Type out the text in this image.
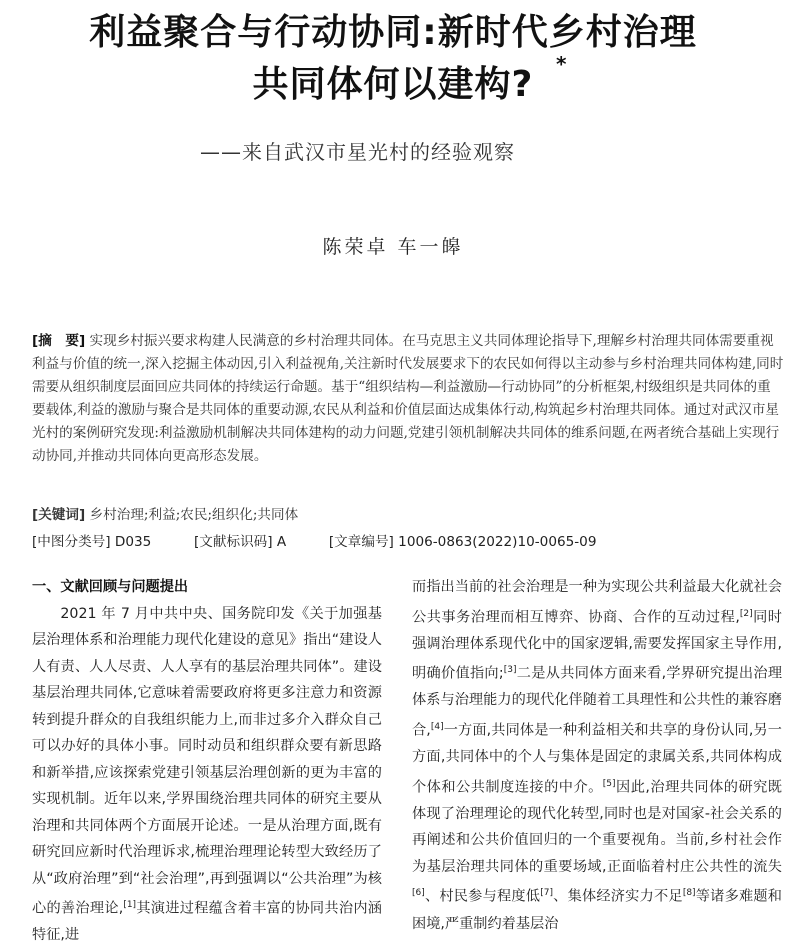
利益聚合与行动协同:新时代乡村治理
共同体何以建构?	*
——来自武汉市星光村的经验观察
陈荣卓 车一皞
[摘　要] 实现乡村振兴要求构建人民满意的乡村治理共同体。在马克思主义共同体理论指导下,理解乡村治理共同体需要重视利益与价值的统一,深入挖掘主体动因,引入利益视角,关注新时代发展要求下的农民如何得以主动参与乡村治理共同体构建,同时需要从组织制度层面回应共同体的持续运行命题。基于“组织结构—利益激励—行动协同”的分析框架,村级组织是共同体的重要载体,利益的激励与聚合是共同体的重要动源,农民从利益和价值层面达成集体行动,构筑起乡村治理共同体。通过对武汉市星光村的案例研究发现:利益激励机制解决共同体建构的动力问题,党建引领机制解决共同体的维系问题,在两者统合基础上实现行动协同,并推动共同体向更高形态发展。
[关键词] 乡村治理;利益;农民;组织化;共同体
[中图分类号] D035	[文献标识码] A	[文章编号] 1006-0863(2022)10-0065-09
一、文献回顾与问题提出

2021 年 7 月中共中央、国务院印发《关于加强基层治理体系和治理能力现代化建设的意见》指出“建设人人有责、人人尽责、人人享有的基层治理共同体”。建设基层治理共同体,它意味着需要政府将更多注意力和资源转到提升群众的自我组织能力上,而非过多介入群众自己可以办好的具体小事。同时动员和组织群众要有新思路和新举措,应该探索党建引领基层治理创新的更为丰富的实现机制。近年以来,学界围绕治理共同体的研究主要从治理和共同体两个方面展开论述。一是从治理方面,既有研究回应新时代治理诉求,梳理治理理论转型大致经历了从“政府治理”到“社会治理”,再到强调以“公共治理”为核心的善治理论,[1]其演进过程蕴含着丰富的协同共治内涵特征,进

而指出当前的社会治理是一种为实现公共利益最大化就社会公共事务治理而相互博弈、协商、合作的互动过程,[2]同时强调治理体系现代化中的国家逻辑,需要发挥国家主导作用,明确价值指向;[3]二是从共同体方面来看,学界研究提出治理体系与治理能力的现代化伴随着工具理性和公共性的兼容磨合,[4]一方面,共同体是一种利益相关和共享的身份认同,另一方面,共同体中的个人与集体是固定的隶属关系,共同体构成个体和公共制度连接的中介。[5]因此,治理共同体的研究既体现了治理理论的现代化转型,同时也是对国家-社会关系的再阐述和公共价值回归的一个重要视角。当前,乡村社会作为基层治理共同体的重要场域,正面临着村庄公共性的流失[6]、村民参与程度低[7]、集体经济实力不足[8]等诸多难题和困境,严重制约着基层治
